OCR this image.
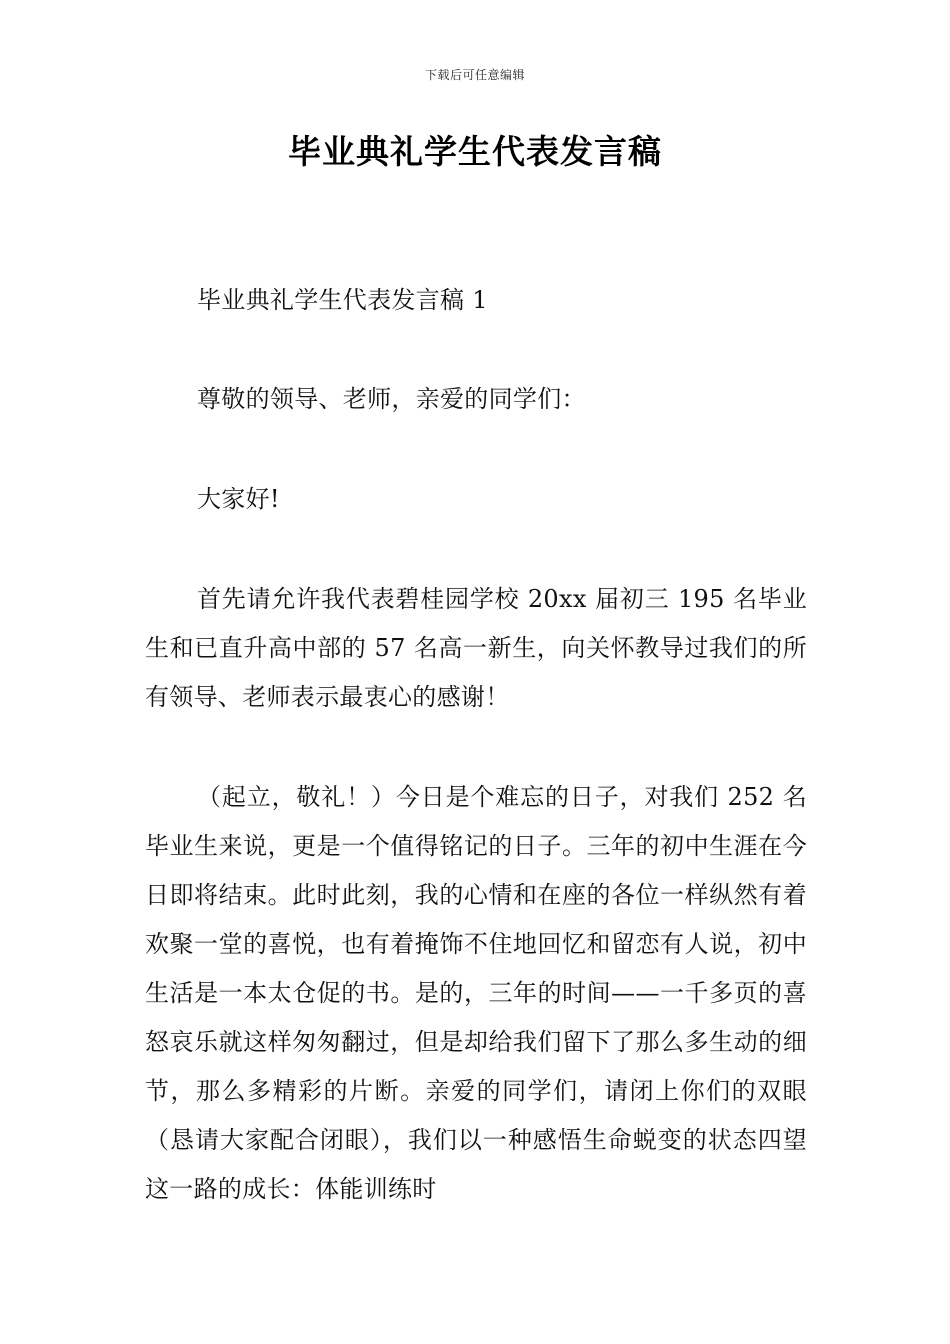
下载后可任意编辑
毕业典礼学生代表发言稿

毕业典礼学生代表发言稿 1

尊敬的领导、老师，亲爱的同学们：

大家好!

首先请允许我代表碧桂园学校 20xx 届初三 195 名毕业生和已直升高中部的 57 名高一新生，向关怀教导过我们的所有领导、老师表示最衷心的感谢！

（起立，敬礼！）今日是个难忘的日子，对我们 252 名毕业生来说，更是一个值得铭记的日子。三年的初中生涯在今日即将结束。此时此刻，我的心情和在座的各位一样纵然有着欢聚一堂的喜悦，也有着掩饰不住地回忆和留恋有人说，初中生活是一本太仓促的书。是的，三年的时间——一千多页的喜怒哀乐就这样匆匆翻过，但是却给我们留下了那么多生动的细节，那么多精彩的片断。亲爱的同学们，请闭上你们的双眼（恳请大家配合闭眼），我们以一种感悟生命蜕变的状态四望这一路的成长：体能训练时
